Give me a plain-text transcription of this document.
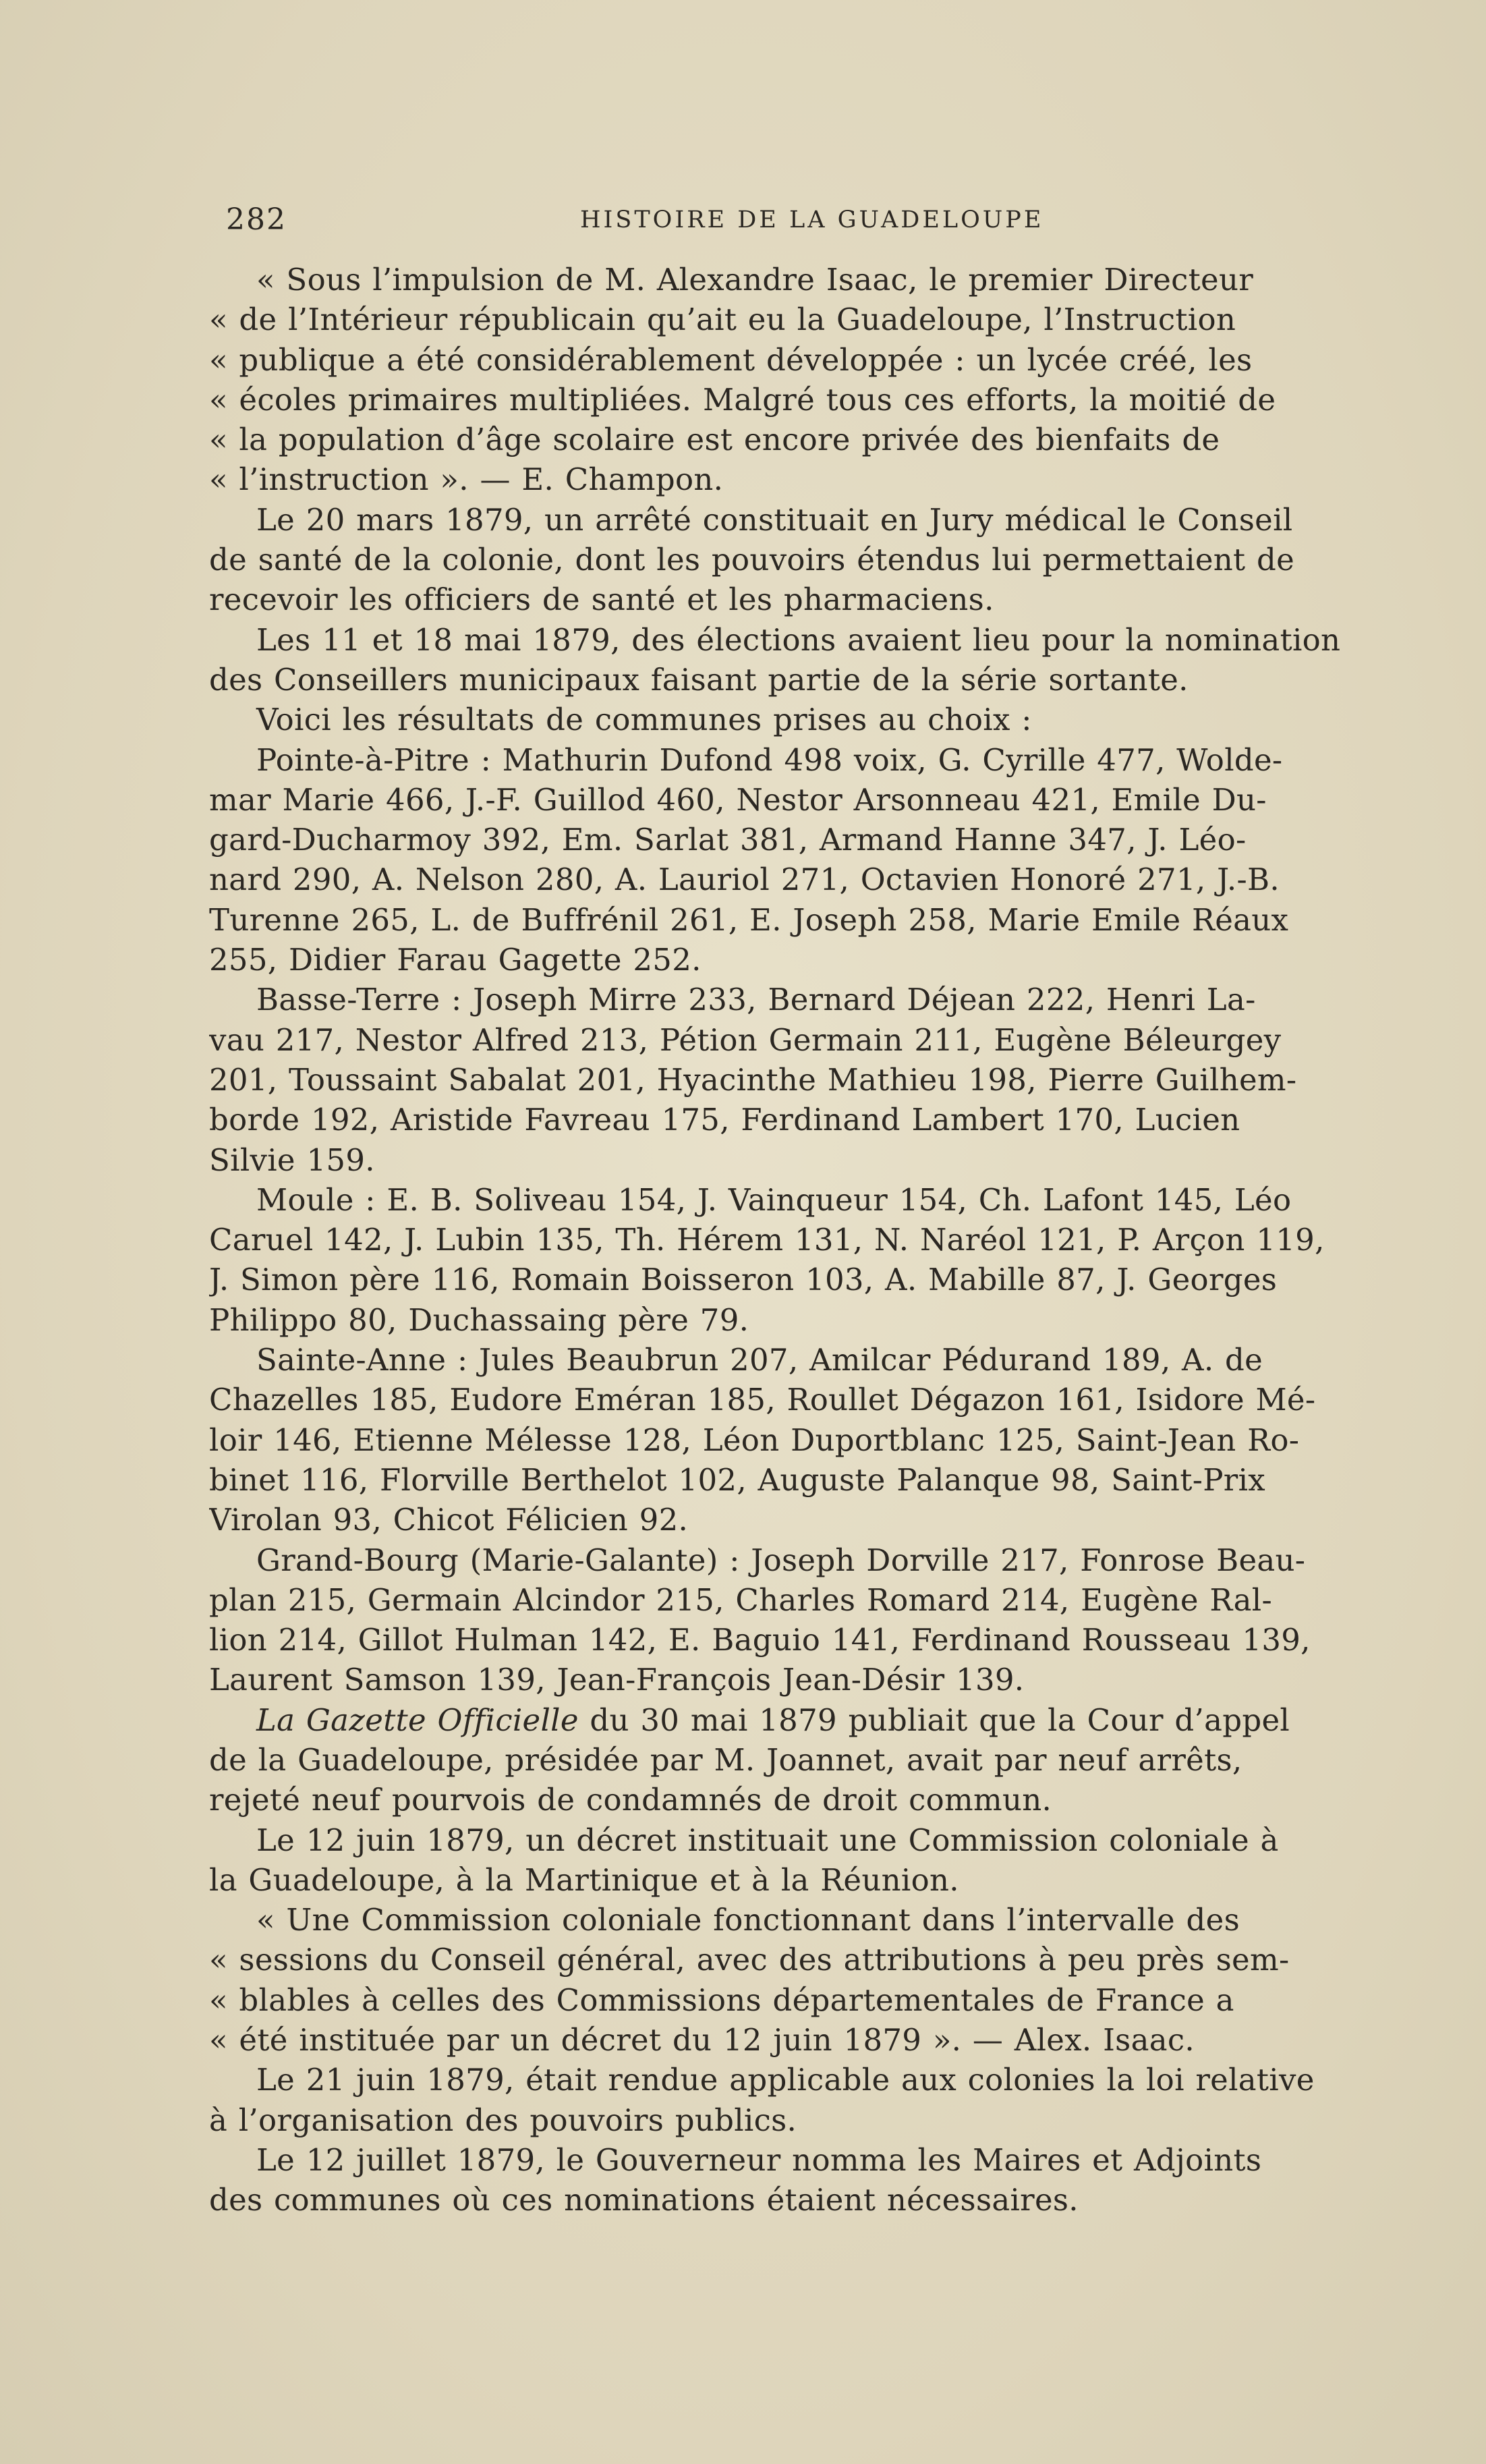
282	HISTOIRE DE LA GUADELOUPE
« Sous l’impulsion de M. Alexandre Isaac, le premier Directeur
« de l’Intérieur républicain qu’ait eu la Guadeloupe, l’Instruction
« publique a été considérablement développée : un lycée créé, les
« écoles primaires multipliées. Malgré tous ces efforts, la moitié de
« la population d’âge scolaire est encore privée des bienfaits de
« l’instruction ». — E. Champon.
Le 20 mars 1879, un arrêté constituait en Jury médical le Conseil
de santé de la colonie, dont les pouvoirs étendus lui permettaient de
recevoir les officiers de santé et les pharmaciens.
Les 11 et 18 mai 1879, des élections avaient lieu pour la nomination
des Conseillers municipaux faisant partie de la série sortante.
Voici les résultats de communes prises au choix :
Pointe-à-Pitre : Mathurin Dufond 498 voix, G. Cyrille 477, Wolde-
mar Marie 466, J.-F. Guillod 460, Nestor Arsonneau 421, Emile Du-
gard-Ducharmoy 392, Em. Sarlat 381, Armand Hanne 347, J. Léo-
nard 290, A. Nelson 280, A. Lauriol 271, Octavien Honoré 271, J.-B.
Turenne 265, L. de Buffrénil 261, E. Joseph 258, Marie Emile Réaux
255, Didier Farau Gagette 252.
Basse-Terre : Joseph Mirre 233, Bernard Déjean 222, Henri La-
vau 217, Nestor Alfred 213, Pétion Germain 211, Eugène Béleurgey
201, Toussaint Sabalat 201, Hyacinthe Mathieu 198, Pierre Guilhem-
borde 192, Aristide Favreau 175, Ferdinand Lambert 170, Lucien
Silvie 159.
Moule : E. B. Soliveau 154, J. Vainqueur 154, Ch. Lafont 145, Léo
Caruel 142, J. Lubin 135, Th. Hérem 131, N. Naréol 121, P. Arçon 119,
J. Simon père 116, Romain Boisseron 103, A. Mabille 87, J. Georges
Philippo 80, Duchassaing père 79.
Sainte-Anne : Jules Beaubrun 207, Amilcar Pédurand 189, A. de
Chazelles 185, Eudore Eméran 185, Roullet Dégazon 161, Isidore Mé-
loir 146, Etienne Mélesse 128, Léon Duportblanc 125, Saint-Jean Ro-
binet 116, Florville Berthelot 102, Auguste Palanque 98, Saint-Prix
Virolan 93, Chicot Félicien 92.
Grand-Bourg (Marie-Galante) : Joseph Dorville 217, Fonrose Beau-
plan 215, Germain Alcindor 215, Charles Romard 214, Eugène Ral-
lion 214, Gillot Hulman 142, E. Baguio 141, Ferdinand Rousseau 139,
Laurent Samson 139, Jean-François Jean-Désir 139.
La Gazette Officielle du 30 mai 1879 publiait que la Cour d’appel
de la Guadeloupe, présidée par M. Joannet, avait par neuf arrêts,
rejeté neuf pourvois de condamnés de droit commun.
Le 12 juin 1879, un décret instituait une Commission coloniale à
la Guadeloupe, à la Martinique et à la Réunion.
« Une Commission coloniale fonctionnant dans l’intervalle des
« sessions du Conseil général, avec des attributions à peu près sem-
« blables à celles des Commissions départementales de France a
« été instituée par un décret du 12 juin 1879 ». — Alex. Isaac.
Le 21 juin 1879, était rendue applicable aux colonies la loi relative
à l’organisation des pouvoirs publics.
Le 12 juillet 1879, le Gouverneur nomma les Maires et Adjoints
des communes où ces nominations étaient nécessaires.
